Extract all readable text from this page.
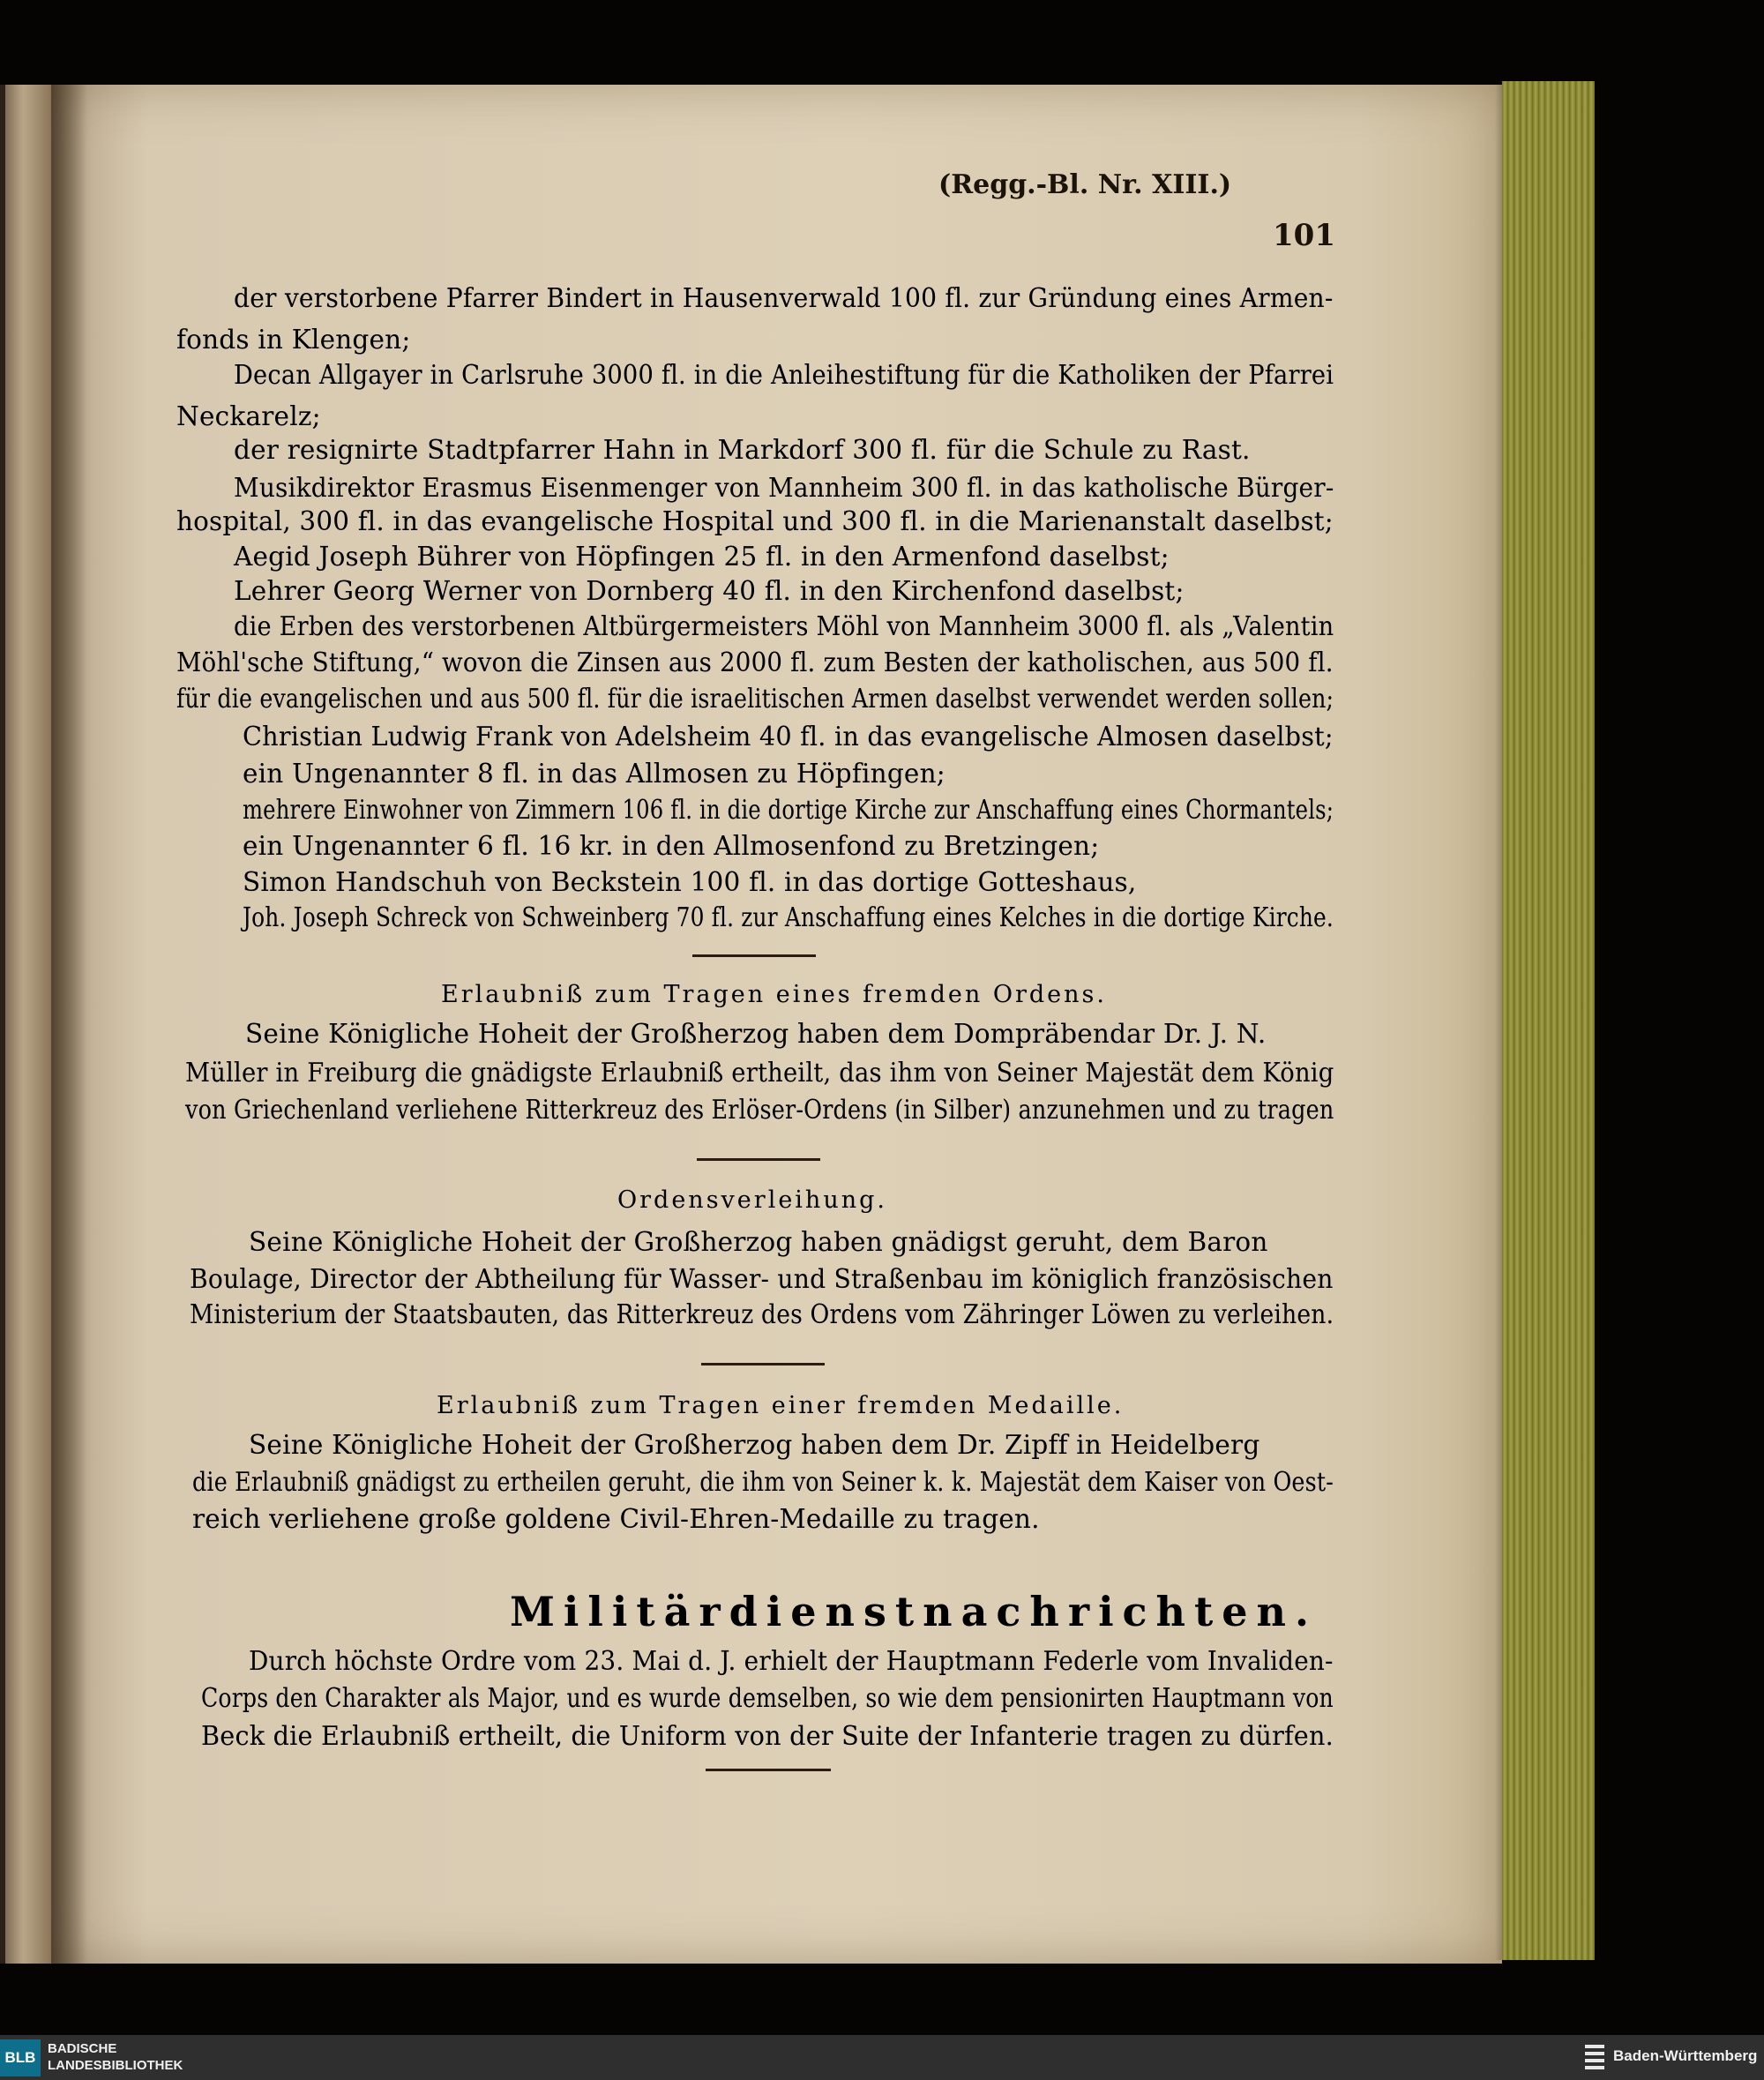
(Regg.-Bl. Nr. XIII.)
101
der verstorbene Pfarrer Bindert in Hausenverwald 100 fl. zur Gründung eines Armen-
fonds in Klengen;
Decan Allgayer in Carlsruhe 3000 fl. in die Anleihestiftung für die Katholiken der Pfarrei
Neckarelz;
der resignirte Stadtpfarrer Hahn in Markdorf 300 fl. für die Schule zu Rast.
Musikdirektor Erasmus Eisenmenger von Mannheim 300 fl. in das katholische Bürger-
hospital, 300 fl. in das evangelische Hospital und 300 fl. in die Marienanstalt daselbst;
Aegid Joseph Bührer von Höpfingen 25 fl. in den Armenfond daselbst;
Lehrer Georg Werner von Dornberg 40 fl. in den Kirchenfond daselbst;
die Erben des verstorbenen Altbürgermeisters Möhl von Mannheim 3000 fl. als „Valentin
Möhl'sche Stiftung,“ wovon die Zinsen aus 2000 fl. zum Besten der katholischen, aus 500 fl.
für die evangelischen und aus 500 fl. für die israelitischen Armen daselbst verwendet werden sollen;
Christian Ludwig Frank von Adelsheim 40 fl. in das evangelische Almosen daselbst;
ein Ungenannter 8 fl. in das Allmosen zu Höpfingen;
mehrere Einwohner von Zimmern 106 fl. in die dortige Kirche zur Anschaffung eines Chormantels;
ein Ungenannter 6 fl. 16 kr. in den Allmosenfond zu Bretzingen;
Simon Handschuh von Beckstein 100 fl. in das dortige Gotteshaus,
Joh. Joseph Schreck von Schweinberg 70 fl. zur Anschaffung eines Kelches in die dortige Kirche.
Erlaubniß zum Tragen eines fremden Ordens.
Seine Königliche Hoheit der Großherzog haben dem Dompräbendar Dr. J. N.
Müller in Freiburg die gnädigste Erlaubniß ertheilt, das ihm von Seiner Majestät dem König
von Griechenland verliehene Ritterkreuz des Erlöser-Ordens (in Silber) anzunehmen und zu tragen
Ordensverleihung.
Seine Königliche Hoheit der Großherzog haben gnädigst geruht, dem Baron
Boulage, Director der Abtheilung für Wasser- und Straßenbau im königlich französischen
Ministerium der Staatsbauten, das Ritterkreuz des Ordens vom Zähringer Löwen zu verleihen.
Erlaubniß zum Tragen einer fremden Medaille.
Seine Königliche Hoheit der Großherzog haben dem Dr. Zipff in Heidelberg
die Erlaubniß gnädigst zu ertheilen geruht, die ihm von Seiner k. k. Majestät dem Kaiser von Oest-
reich verliehene große goldene Civil-Ehren-Medaille zu tragen.
Militärdienstnachrichten.
Durch höchste Ordre vom 23. Mai d. J. erhielt der Hauptmann Federle vom Invaliden-
Corps den Charakter als Major, und es wurde demselben, so wie dem pensionirten Hauptmann von
Beck die Erlaubniß ertheilt, die Uniform von der Suite der Infanterie tragen zu dürfen.
BLB
BADISCHE
LANDESBIBLIOTHEK
Baden-Württemberg
